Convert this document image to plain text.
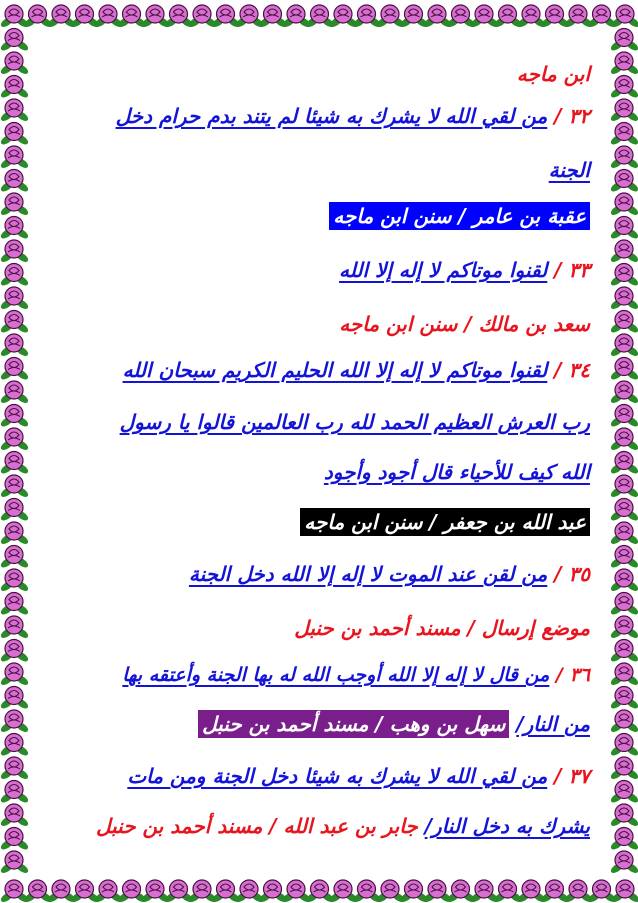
ابن ماجه
٣٢ / من لقي الله لا يشرك به شيئا لم يتند بدم حرام دخل
الجنة
عقبة بن عامر / سنن ابن ماجه
٣٣ / لقنوا موتاكم لا إله إلا الله
سعد بن مالك / سنن ابن ماجه
٣٤ / لقنوا موتاكم لا إله إلا الله الحليم الكريم سبحان الله
رب العرش العظيم الحمد لله رب العالمين قالوا يا رسول
الله كيف للأحياء قال أجود وأجود
عبد الله بن جعفر / سنن ابن ماجه
٣٥ / من لقن عند الموت لا إله إلا الله دخل الجنة
موضع إرسال / مسند أحمد بن حنبل
٣٦ / من قال لا إله إلا الله أوجب الله له بها الجنة وأعتقه بها
من النار/ سهل بن وهب / مسند أحمد بن حنبل
٣٧ / من لقي الله لا يشرك به شيئا دخل الجنة ومن مات
يشرك به دخل النار/ جابر بن عبد الله / مسند أحمد بن حنبل
